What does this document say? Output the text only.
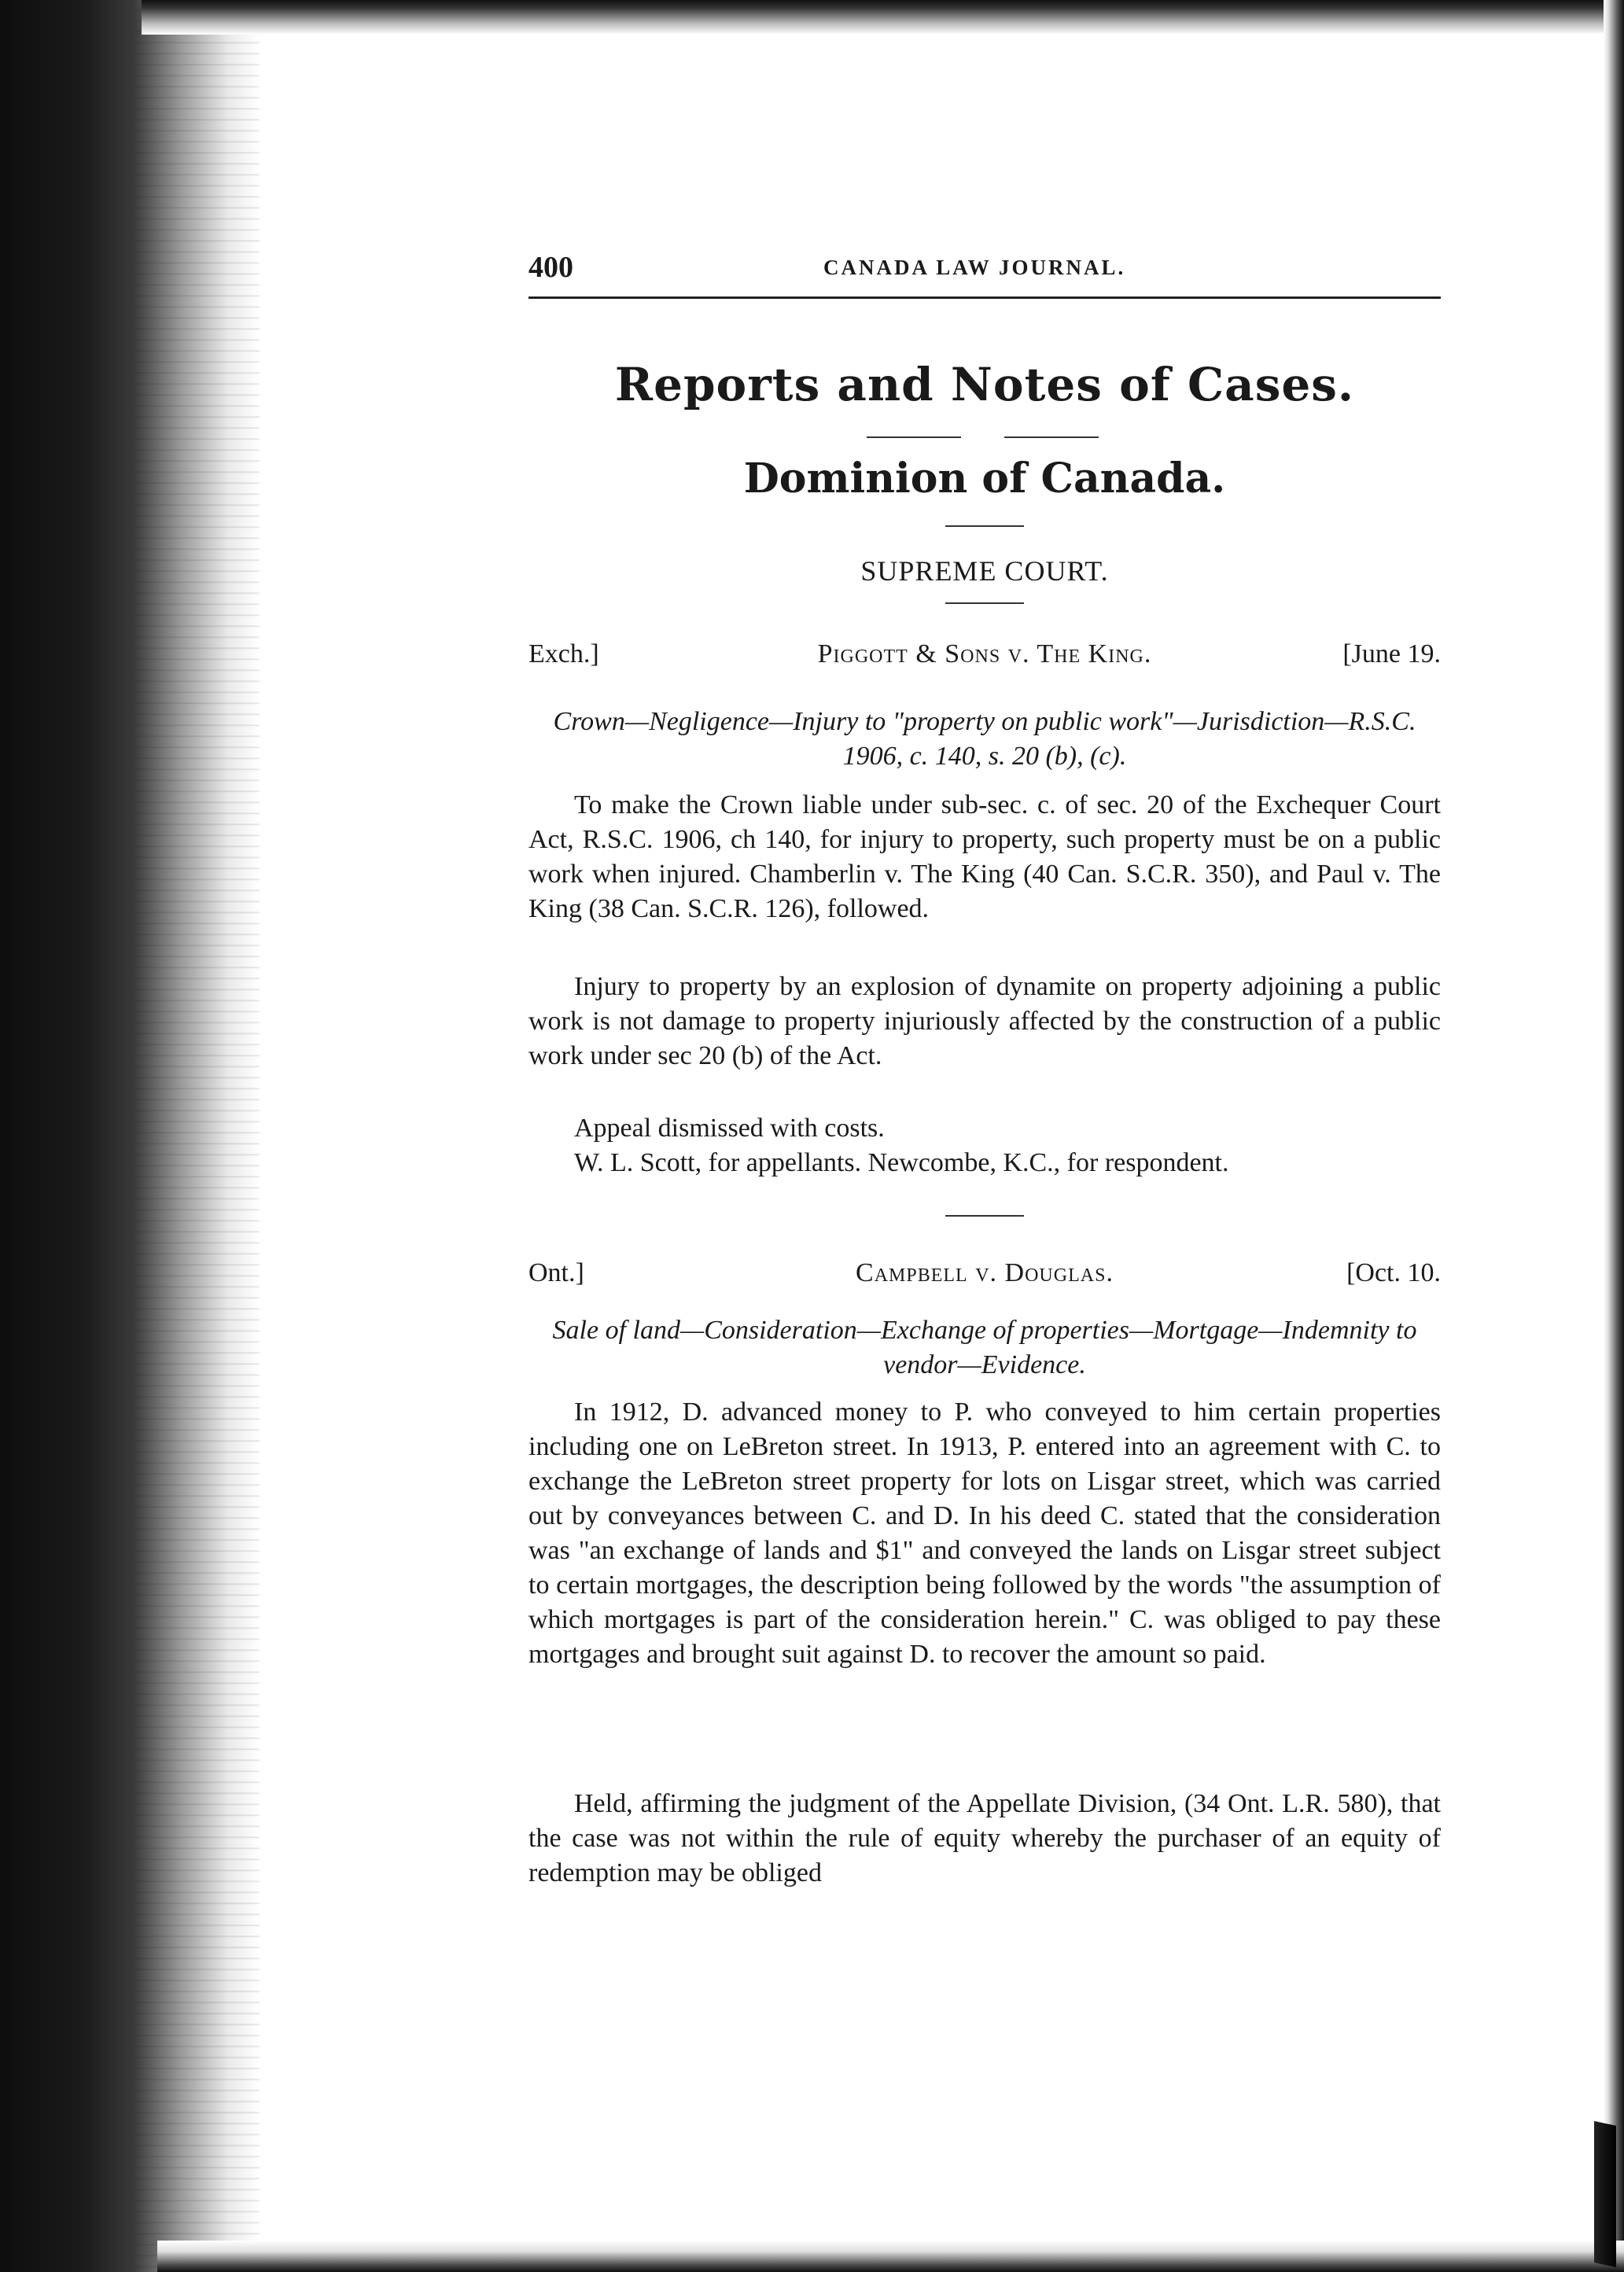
400	CANADA LAW JOURNAL.
Reports and Notes of Cases.
Dominion of Canada.
SUPREME COURT.
Exch.]	Piggott & Sons v. The King.	[June 19.
Crown—Negligence—Injury to "property on public work"—Jurisdiction—R.S.C. 1906, c. 140, s. 20 (b), (c).

To make the Crown liable under sub-sec. c. of sec. 20 of the Exchequer Court Act, R.S.C. 1906, ch 140, for injury to property, such property must be on a public work when injured. Chamberlin v. The King (40 Can. S.C.R. 350), and Paul v. The King (38 Can. S.C.R. 126), followed.

Injury to property by an explosion of dynamite on property adjoining a public work is not damage to property injuriously affected by the construction of a public work under sec 20 (b) of the Act.

Appeal dismissed with costs.

W. L. Scott, for appellants. Newcombe, K.C., for respondent.

Ont.]	Campbell v. Douglas.	[Oct. 10.
Sale of land—Consideration—Exchange of properties—Mortgage—Indemnity to vendor—Evidence.

In 1912, D. advanced money to P. who conveyed to him certain properties including one on LeBreton street. In 1913, P. entered into an agreement with C. to exchange the LeBreton street property for lots on Lisgar street, which was carried out by conveyances between C. and D. In his deed C. stated that the consideration was "an exchange of lands and $1" and conveyed the lands on Lisgar street subject to certain mortgages, the description being followed by the words "the assumption of which mortgages is part of the consideration herein." C. was obliged to pay these mortgages and brought suit against D. to recover the amount so paid.

Held, affirming the judgment of the Appellate Division, (34 Ont. L.R. 580), that the case was not within the rule of equity whereby the purchaser of an equity of redemption may be obliged
